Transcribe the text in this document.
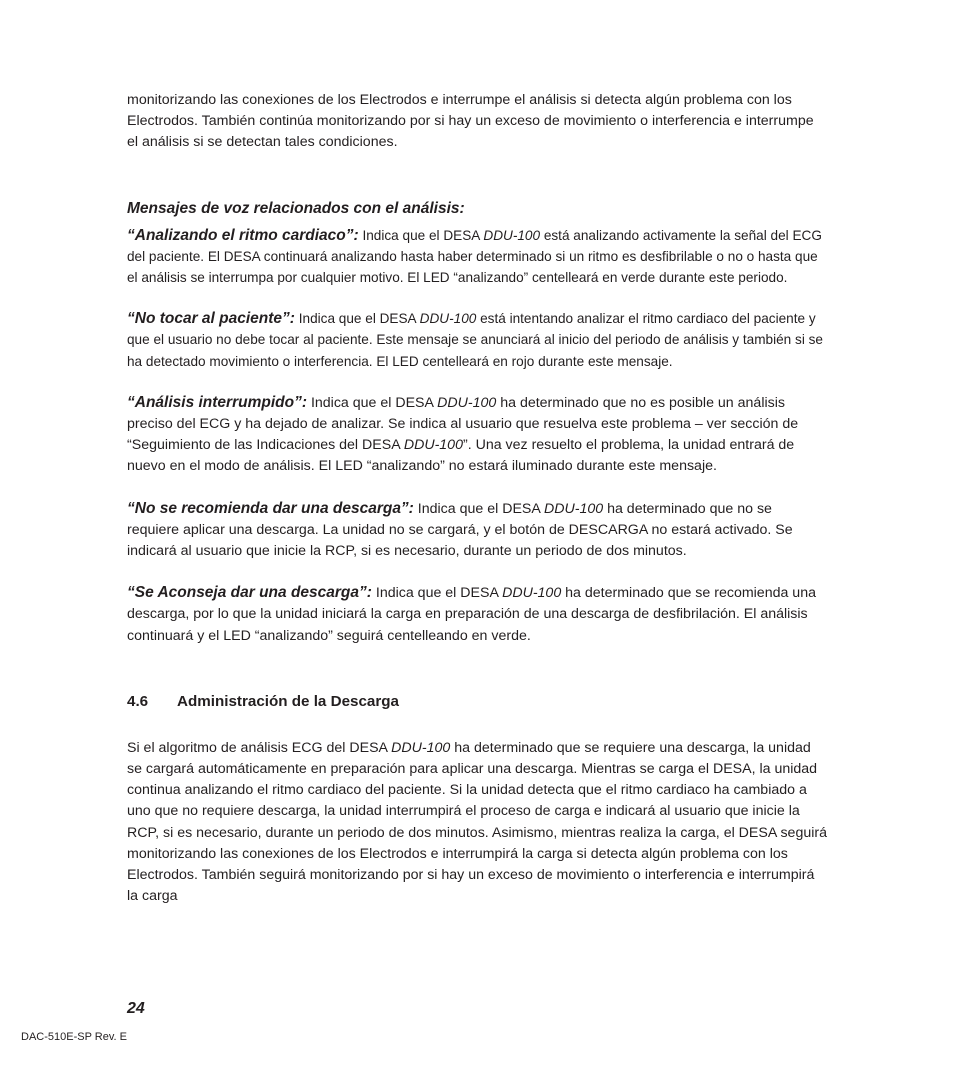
monitorizando las conexiones de los Electrodos e interrumpe el análisis si detecta algún problema con los Electrodos. También continúa monitorizando por si hay un exceso de movimiento o interferencia e interrumpe el análisis si se detectan tales condiciones.

Mensajes de voz relacionados con el análisis:

“Analizando el ritmo cardiaco”: Indica que el DESA DDU-100 está analizando activamente la señal del ECG del paciente. El DESA continuará analizando hasta haber determinado si un ritmo es desfibrilable o no o hasta que el análisis se interrumpa por cualquier motivo. El LED “analizando” centelleará en verde durante este periodo.

“No tocar al paciente”: Indica que el DESA DDU-100 está intentando analizar el ritmo cardiaco del paciente y que el usuario no debe tocar al paciente. Este mensaje se anunciará al inicio del periodo de análisis y también si se ha detectado movimiento o interferencia. El LED centelleará en rojo durante este mensaje.

“Análisis interrumpido”: Indica que el DESA DDU-100 ha determinado que no es posible un análisis preciso del ECG y ha dejado de analizar. Se indica al usuario que resuelva este problema – ver sección de “Seguimiento de las Indicaciones del DESA DDU-100”. Una vez resuelto el problema, la unidad entrará de nuevo en el modo de análisis. El LED “analizando” no estará iluminado durante este mensaje.

“No se recomienda dar una descarga”: Indica que el DESA DDU-100 ha determinado que no se requiere aplicar una descarga. La unidad no se cargará, y el botón de DESCARGA no estará activado. Se indicará al usuario que inicie la RCP, si es necesario, durante un periodo de dos minutos.

“Se Aconseja dar una descarga”: Indica que el DESA DDU-100 ha determinado que se recomienda una descarga, por lo que la unidad iniciará la carga en preparación de una descarga de desfibrilación. El análisis continuará y el LED “analizando” seguirá centelleando en verde.

4.6 Administración de la Descarga

Si el algoritmo de análisis ECG del DESA DDU-100 ha determinado que se requiere una descarga, la unidad se cargará automáticamente en preparación para aplicar una descarga. Mientras se carga el DESA, la unidad continua analizando el ritmo cardiaco del paciente. Si la unidad detecta que el ritmo cardiaco ha cambiado a uno que no requiere descarga, la unidad interrumpirá el proceso de carga e indicará al usuario que inicie la RCP, si es necesario, durante un periodo de dos minutos. Asimismo, mientras realiza la carga, el DESA seguirá monitorizando las conexiones de los Electrodos e interrumpirá la carga si detecta algún problema con los Electrodos. También seguirá monitorizando por si hay un exceso de movimiento o interferencia e interrumpirá la carga

24
DAC-510E-SP Rev. E
